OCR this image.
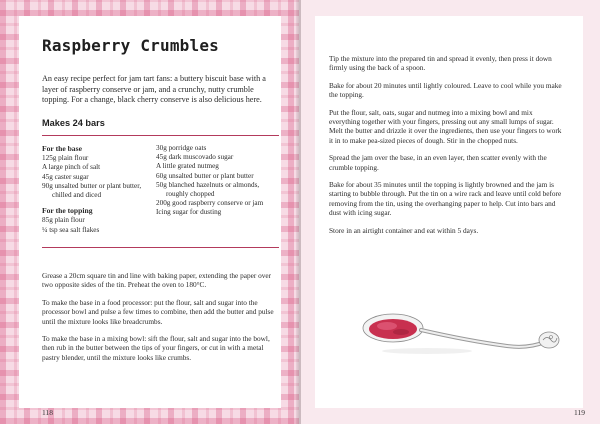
Raspberry Crumbles
An easy recipe perfect for jam tart fans: a buttery biscuit base with a layer of raspberry conserve or jam, and a crunchy, nutty crumble topping. For a change, black cherry conserve is also delicious here.
Makes 24 bars
For the base
125g plain flour
A large pinch of salt
45g caster sugar
90g unsalted butter or plant butter, chilled and diced
For the topping
85g plain flour
¼ tsp sea salt flakes
30g porridge oats
45g dark muscovado sugar
A little grated nutmeg
60g unsalted butter or plant butter
50g blanched hazelnuts or almonds, roughly chopped
200g good raspberry conserve or jam
Icing sugar for dusting

Grease a 20cm square tin and line with baking paper, extending the paper over two opposite sides of the tin. Preheat the oven to 180°C.

To make the base in a food processor: put the flour, salt and sugar into the processor bowl and pulse a few times to combine, then add the butter and pulse until the mixture looks like breadcrumbs.

To make the base in a mixing bowl: sift the flour, salt and sugar into the bowl, then rub in the butter between the tips of your fingers, or cut in with a metal pastry blender, until the mixture looks like crumbs.

118

Tip the mixture into the prepared tin and spread it evenly, then press it down firmly using the back of a spoon.

Bake for about 20 minutes until lightly coloured. Leave to cool while you make the topping.

Put the flour, salt, oats, sugar and nutmeg into a mixing bowl and mix everything together with your fingers, pressing out any small lumps of sugar. Melt the butter and drizzle it over the ingredients, then use your fingers to work it in to make pea-sized pieces of dough. Stir in the chopped nuts.

Spread the jam over the base, in an even layer, then scatter evenly with the crumble topping.

Bake for about 35 minutes until the topping is lightly browned and the jam is starting to bubble through. Put the tin on a wire rack and leave until cold before removing from the tin, using the overhanging paper to help. Cut into bars and dust with icing sugar.

Store in an airtight container and eat within 5 days.

119
